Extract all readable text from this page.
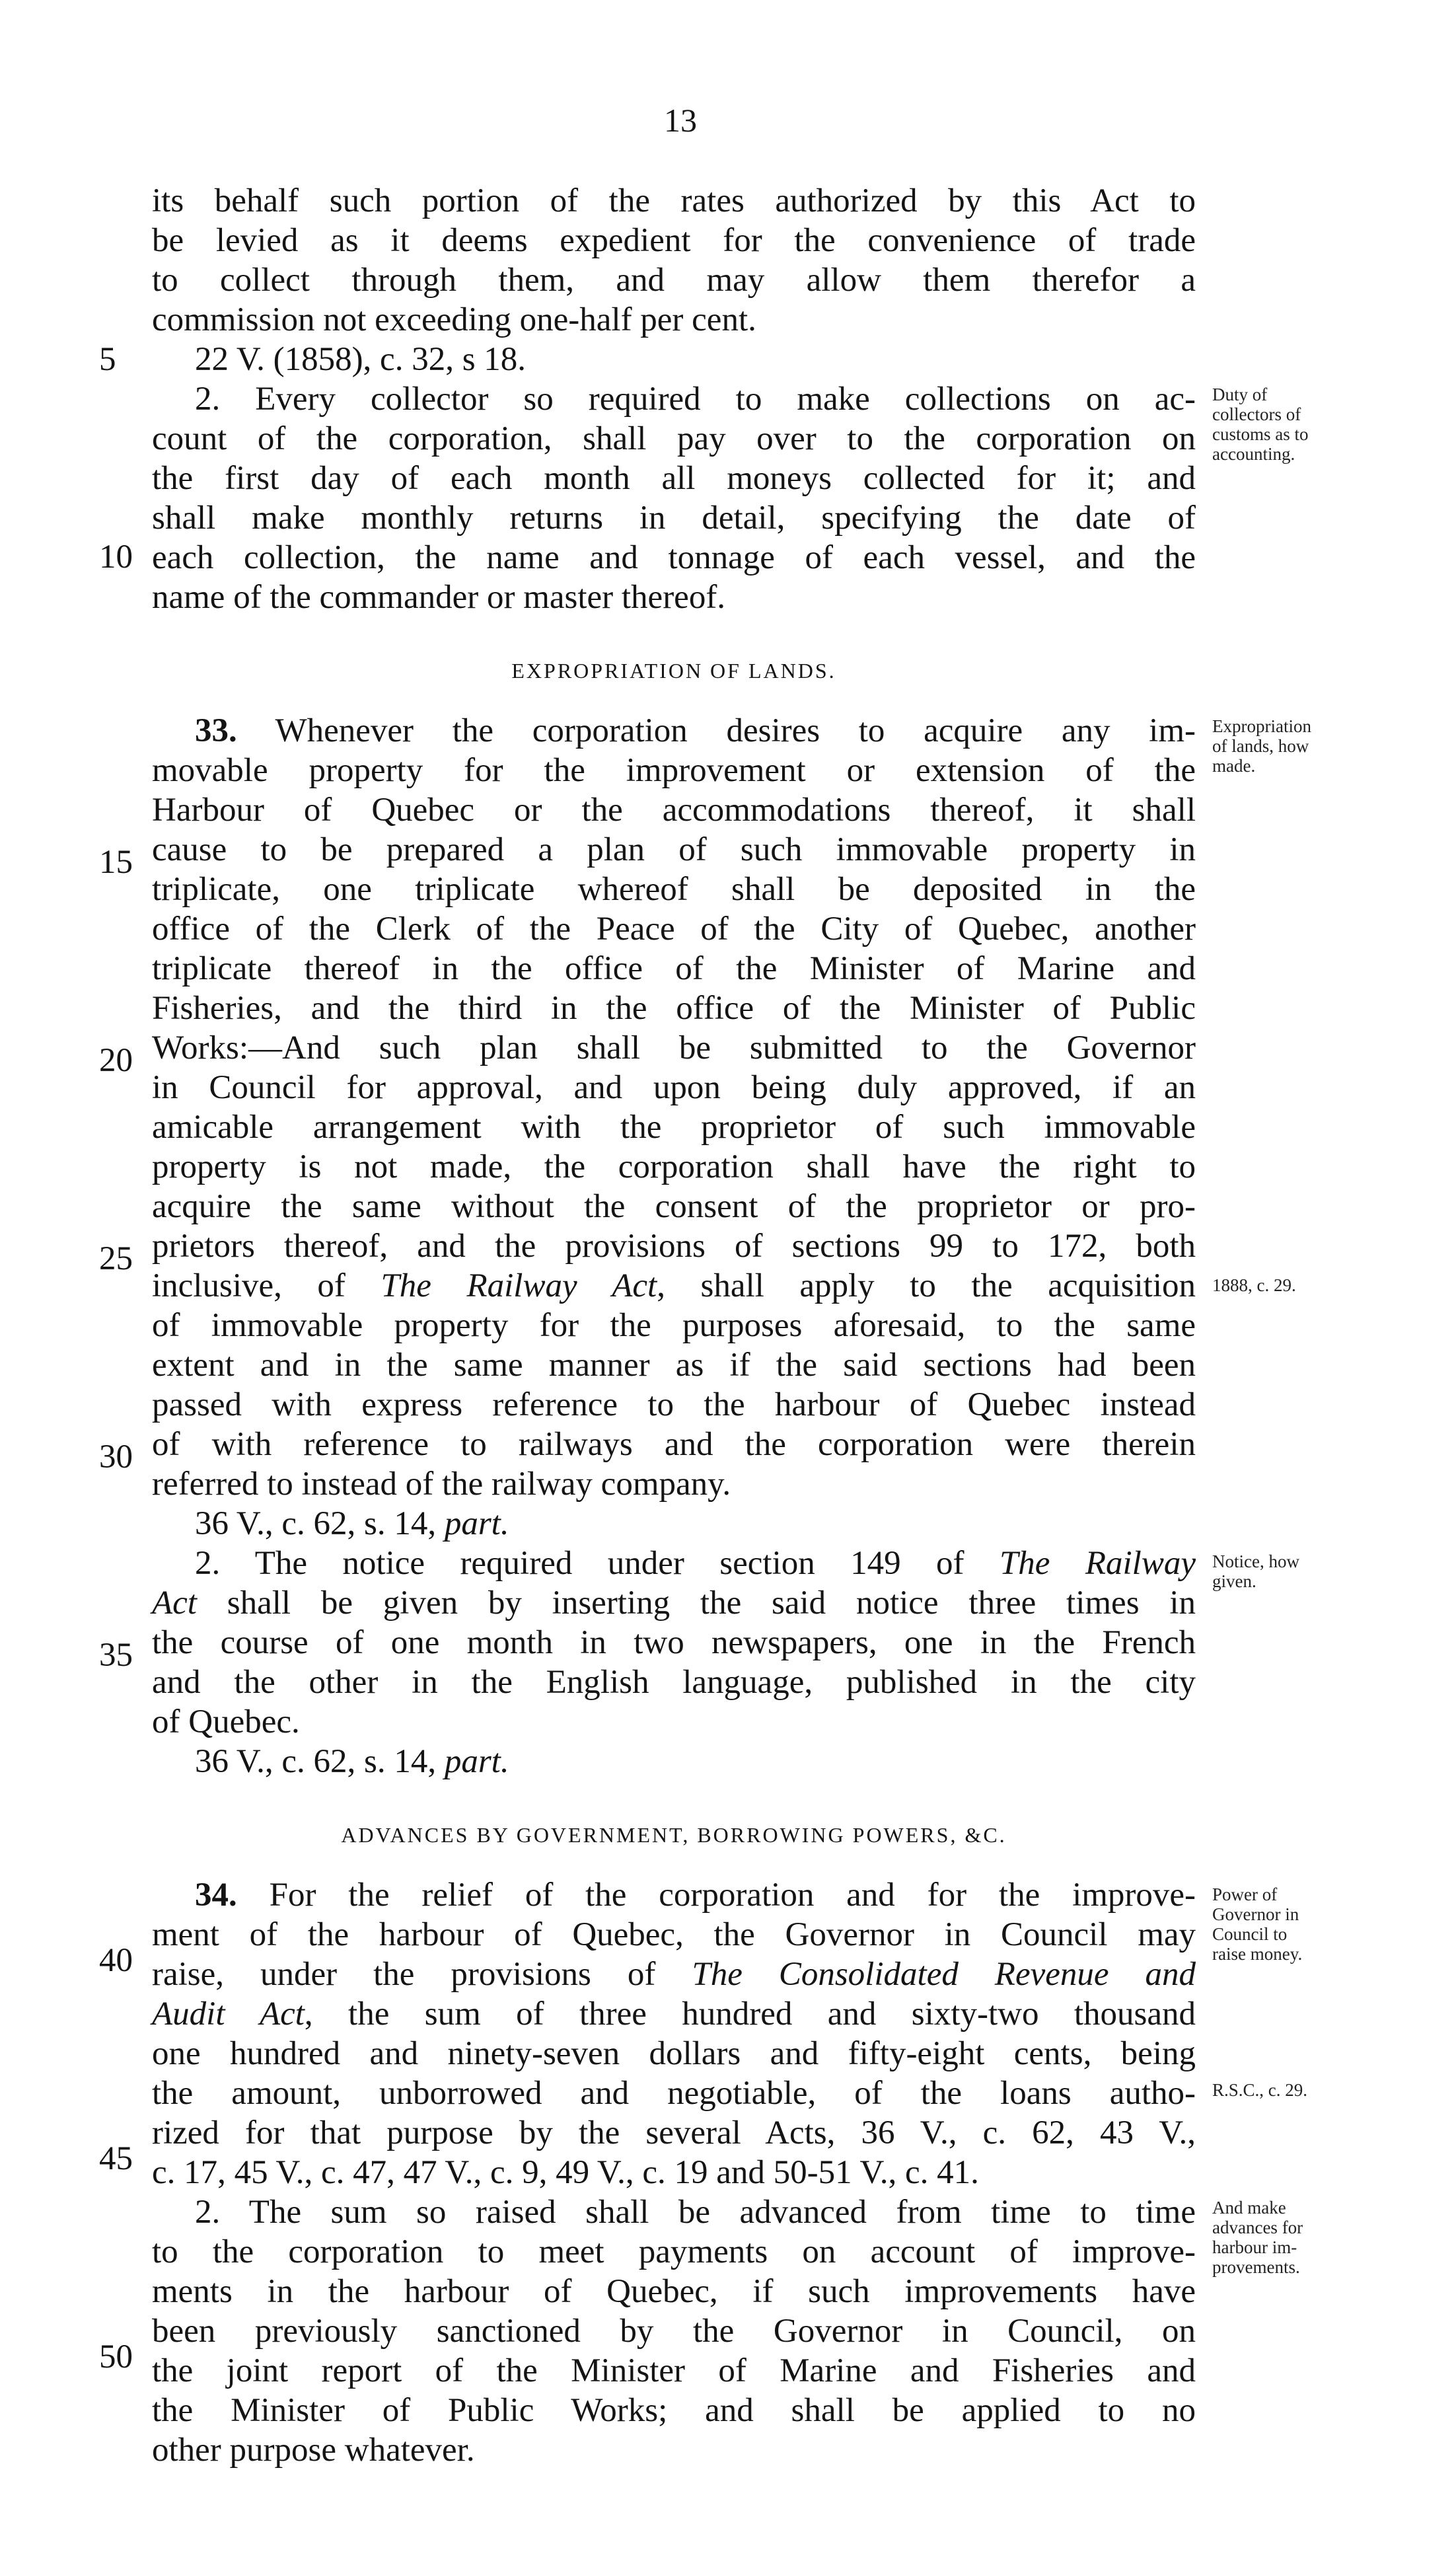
13
5
10
15
20
25
30
35
40
45
50
its behalf such portion of the rates authorized by this Act to
be levied as it deems expedient for the convenience of trade
to collect through them, and may allow them therefor a
commission not exceeding one-half per cent.
22 V. (1858), c. 32, s 18.
2. Every collector so required to make collections on ac-
count of the corporation, shall pay over to the corporation on
the first day of each month all moneys collected for it; and
shall make monthly returns in detail, specifying the date of
each collection, the name and tonnage of each vessel, and the
name of the commander or master thereof.
Duty of
collectors of
customs as to
accounting.
EXPROPRIATION OF LANDS.
33. Whenever the corporation desires to acquire any im-
movable property for the improvement or extension of the
Harbour of Quebec or the accommodations thereof, it shall
cause to be prepared a plan of such immovable property in
triplicate, one triplicate whereof shall be deposited in the
office of the Clerk of the Peace of the City of Quebec, another
triplicate thereof in the office of the Minister of Marine and
Fisheries, and the third in the office of the Minister of Public
Works:—And such plan shall be submitted to the Governor
in Council for approval, and upon being duly approved, if an
amicable arrangement with the proprietor of such immovable
property is not made, the corporation shall have the right to
acquire the same without the consent of the proprietor or pro-
prietors thereof, and the provisions of sections 99 to 172, both
inclusive, of The Railway Act, shall apply to the acquisition
of immovable property for the purposes aforesaid, to the same
extent and in the same manner as if the said sections had been
passed with express reference to the harbour of Quebec instead
of with reference to railways and the corporation were therein
referred to instead of the railway company.
36 V., c. 62, s. 14, part.
2. The notice required under section 149 of The Railway
Act shall be given by inserting the said notice three times in
the course of one month in two newspapers, one in the French
and the other in the English language, published in the city
of Quebec.
36 V., c. 62, s. 14, part.
Expropriation
of lands, how
made.
1888, c. 29.
Notice, how
given.
ADVANCES BY GOVERNMENT, BORROWING POWERS, &C.
34. For the relief of the corporation and for the improve-
ment of the harbour of Quebec, the Governor in Council may
raise, under the provisions of The Consolidated Revenue and
Audit Act, the sum of three hundred and sixty-two thousand
one hundred and ninety-seven dollars and fifty-eight cents, being
the amount, unborrowed and negotiable, of the loans autho-
rized for that purpose by the several Acts, 36 V., c. 62, 43 V.,
c. 17, 45 V., c. 47, 47 V., c. 9, 49 V., c. 19 and 50-51 V., c. 41.
2. The sum so raised shall be advanced from time to time
to the corporation to meet payments on account of improve-
ments in the harbour of Quebec, if such improvements have
been previously sanctioned by the Governor in Council, on
the joint report of the Minister of Marine and Fisheries and
the Minister of Public Works; and shall be applied to no
other purpose whatever.
Power of
Governor in
Council to
raise money.
R.S.C., c. 29.
And make
advances for
harbour im-
provements.
